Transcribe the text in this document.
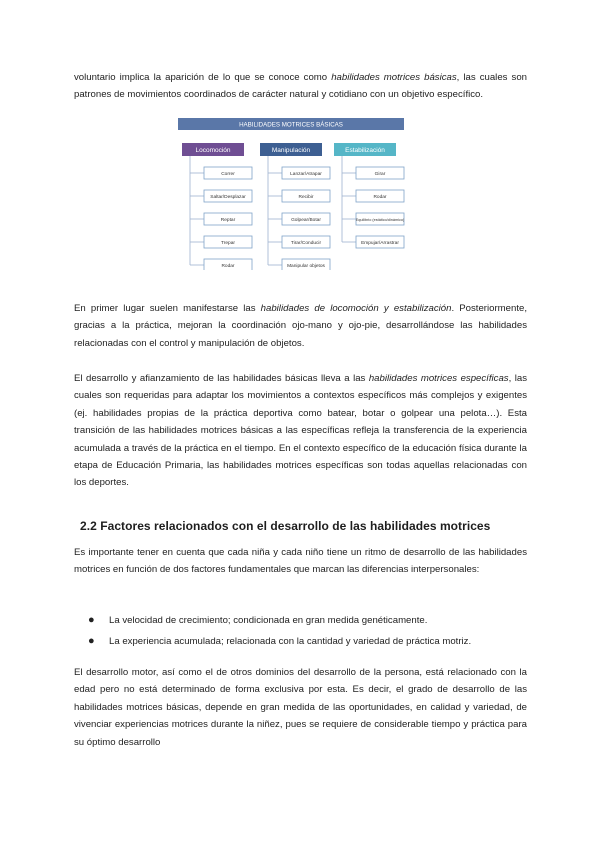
voluntario implica la aparición de lo que se conoce como habilidades motrices básicas, las cuales son patrones de movimientos coordinados de carácter natural y cotidiano con un objetivo específico.
HABILIDADES MOTRICES BÁSICAS
Locomoción
Correr
Saltar/Desplazar
Reptar
Trepar
Rodar
Manipulación
Lanzar/Atrapar
Recibir
Golpear/Botar
Tirar/Conducir
Manipular objetos
Estabilización
Girar
Rodar
Equilibrio (estático/dinámico)
Empujar/Arrastrar
En primer lugar suelen manifestarse las habilidades de locomoción y estabilización. Posteriormente, gracias a la práctica, mejoran la coordinación ojo-mano y ojo-pie, desarrollándose las habilidades relacionadas con el control y manipulación de objetos.
El desarrollo y afianzamiento de las habilidades básicas lleva a las habilidades motrices específicas, las cuales son requeridas para adaptar los movimientos a contextos específicos más complejos y exigentes (ej. habilidades propias de la práctica deportiva como batear, botar o golpear una pelota…). Esta transición de las habilidades motrices básicas a las específicas refleja la transferencia de la experiencia acumulada a través de la práctica en el tiempo. En el contexto específico de la educación física durante la etapa de Educación Primaria, las habilidades motrices específicas son todas aquellas relacionadas con los deportes.
2.2 Factores relacionados con el desarrollo de las habilidades motrices
Es importante tener en cuenta que cada niña y cada niño tiene un ritmo de desarrollo de las habilidades motrices en función de dos factores fundamentales que marcan las diferencias interpersonales:
● La velocidad de crecimiento; condicionada en gran medida genéticamente.
● La experiencia acumulada; relacionada con la cantidad y variedad de práctica motriz.
El desarrollo motor, así como el de otros dominios del desarrollo de la persona, está relacionado con la edad pero no está determinado de forma exclusiva por esta. Es decir, el grado de desarrollo de las habilidades motrices básicas, depende en gran medida de las oportunidades, en calidad y variedad, de vivenciar experiencias motrices durante la niñez, pues se requiere de considerable tiempo y práctica para su óptimo desarrollo
